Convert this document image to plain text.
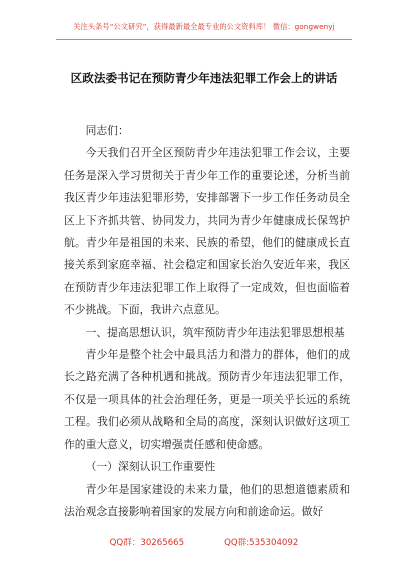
关注头条号“公文研究”，获得最新最全最专业的公文资料库！ 微信：gongwenyj
区政法委书记在预防青少年违法犯罪工作会上的讲话

同志们：

今天我们召开全区预防青少年违法犯罪工作会议，主要任务是深入学习贯彻关于青少年工作的重要论述，分析当前我区青少年违法犯罪形势，安排部署下一步工作任务动员全区上下齐抓共管、协同发力，共同为青少年健康成长保驾护航。青少年是祖国的未来、民族的希望，他们的健康成长直接关系到家庭幸福、社会稳定和国家长治久安近年来，我区在预防青少年违法犯罪工作上取得了一定成效，但也面临着不少挑战。下面，我讲六点意见。

一、提高思想认识，筑牢预防青少年违法犯罪思想根基

青少年是整个社会中最具活力和潜力的群体，他们的成长之路充满了各种机遇和挑战。预防青少年违法犯罪工作，不仅是一项具体的社会治理任务，更是一项关乎长远的系统工程。我们必须从战略和全局的高度，深刻认识做好这项工作的重大意义，切实增强责任感和使命感。

（一）深刻认识工作重要性

青少年是国家建设的未来力量，他们的思想道德素质和法治观念直接影响着国家的发展方向和前途命运。做好

QQ群：30265665	QQ群:535304092
